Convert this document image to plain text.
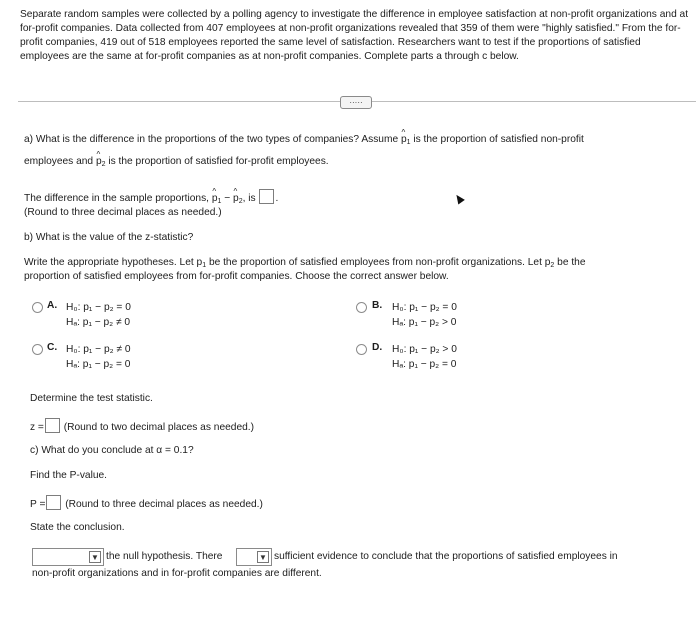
Separate random samples were collected by a polling agency to investigate the difference in employee satisfaction at non-profit organizations and at for-profit companies. Data collected from 407 employees at non-profit organizations revealed that 359 of them were "highly satisfied." From the for-profit companies, 419 out of 518 employees reported the same level of satisfaction. Researchers want to test if the proportions of satisfied employees are the same at for-profit companies as at non-profit companies. Complete parts a through c below.
·····
a) What is the difference in the proportions of the two types of companies? Assume ^ $p_1$ is the proportion of satisfied non-profit
employees and ^ $p_2$ is the proportion of satisfied for-profit employees.
The difference in the sample proportions, ^ $p_1$ − ^ $p_2$, is .
(Round to three decimal places as needed.)
b) What is the value of the z-statistic?
Write the appropriate hypotheses. Let $p_1$ be the proportion of satisfied employees from non-profit organizations. Let $p_2$ be the
proportion of satisfied employees from for-profit companies. Choose the correct answer below.
A. H₀: p₁ − p₂ = 0
Hₐ: p₁ − p₂ ≠ 0
B. H₀: p₁ − p₂ = 0
Hₐ: p₁ − p₂ > 0
C. H₀: p₁ − p₂ ≠ 0
Hₐ: p₁ − p₂ = 0
D. H₀: p₁ − p₂ > 0
Hₐ: p₁ − p₂ = 0
Determine the test statistic.
z = (Round to two decimal places as needed.)
c) What do you conclude at α = 0.1?
Find the P-value.
P = (Round to three decimal places as needed.)
State the conclusion.
▼ the null hypothesis. There	▼ sufficient evidence to conclude that the proportions of satisfied employees in
non-profit organizations and in for-profit companies are different.
